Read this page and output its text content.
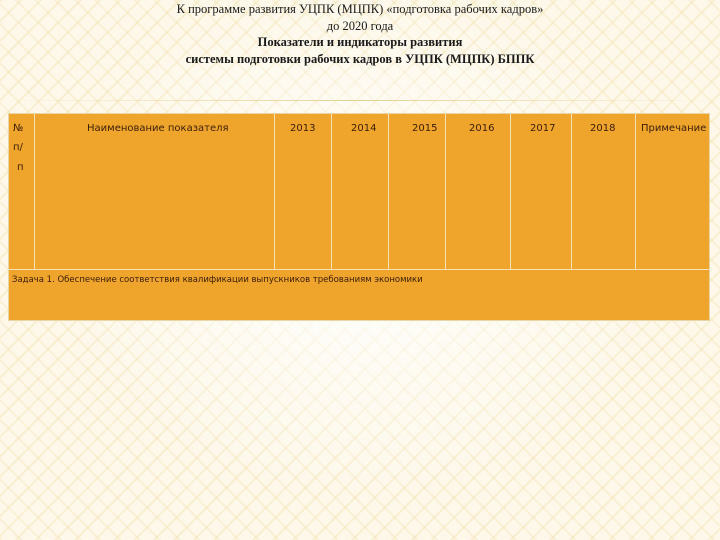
К программе развития УЦПК (МЦПК) «подготовка рабочих кадров»
до 2020 года
Показатели и индикаторы развития
системы подготовки рабочих кадров в УЦПК (МЦПК) БППК
№
п/
п
Наименование показателя	2013	2014	2015	2016	2017	2018	Примечание
Задача 1. Обеспечение соответствия квалификации выпускников требованиям экономики
